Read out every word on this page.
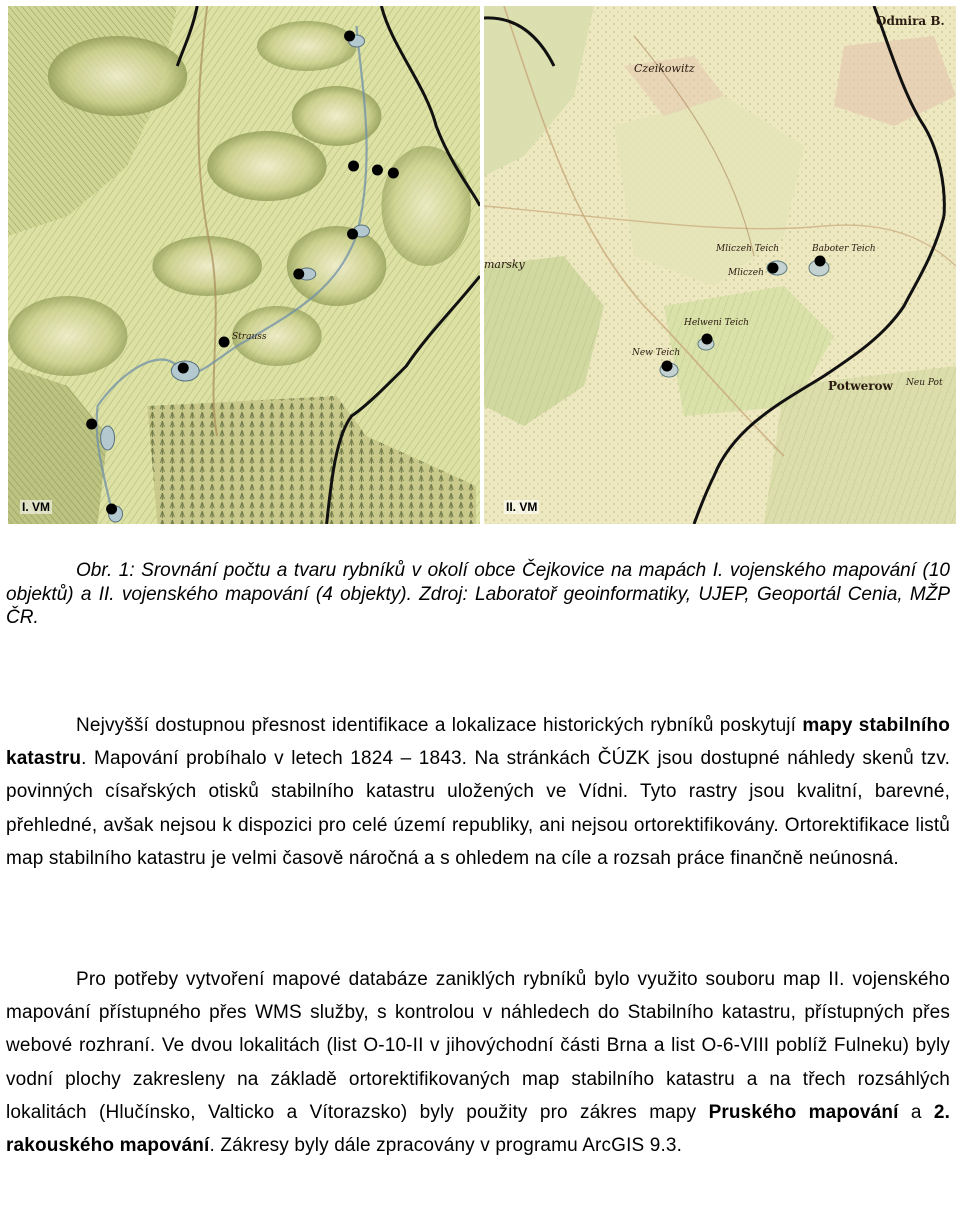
Strauss
I. VM
Odmira B.
Czeikowitz
Mliczeh Teich
Mliczeh
Baboter Teich
Helweni Teich
New Teich
Potwerow Neu Pot
marsky
II. VM
Obr. 1: Srovnání počtu a tvaru rybníků v okolí obce Čejkovice na mapách I. vojenského mapování (10 objektů) a II. vojenského mapování (4 objekty). Zdroj: Laboratoř geoinformatiky, UJEP, Geoportál Cenia, MŽP ČR.
Nejvyšší dostupnou přesnost identifikace a lokalizace historických rybníků poskytují mapy stabilního katastru. Mapování probíhalo v letech 1824 – 1843. Na stránkách ČÚZK jsou dostupné náhledy skenů tzv. povinných císařských otisků stabilního katastru uložených ve Vídni. Tyto rastry jsou kvalitní, barevné, přehledné, avšak nejsou k dispozici pro celé území republiky, ani nejsou ortorektifikovány. Ortorektifikace listů map stabilního katastru je velmi časově náročná a s ohledem na cíle a rozsah práce finančně neúnosná.
Pro potřeby vytvoření mapové databáze zaniklých rybníků bylo využito souboru map II. vojenského mapování přístupného přes WMS služby, s kontrolou v náhledech do Stabilního katastru, přístupných přes webové rozhraní. Ve dvou lokalitách (list O-10-II v jihovýchodní části Brna a list O-6-VIII poblíž Fulneku) byly vodní plochy zakresleny na základě ortorektifikovaných map stabilního katastru a na třech rozsáhlých lokalitách (Hlučínsko, Valticko a Vítorazsko) byly použity pro zákres mapy Pruského mapování a 2. rakouského mapování. Zákresy byly dále zpracovány v programu ArcGIS 9.3.
